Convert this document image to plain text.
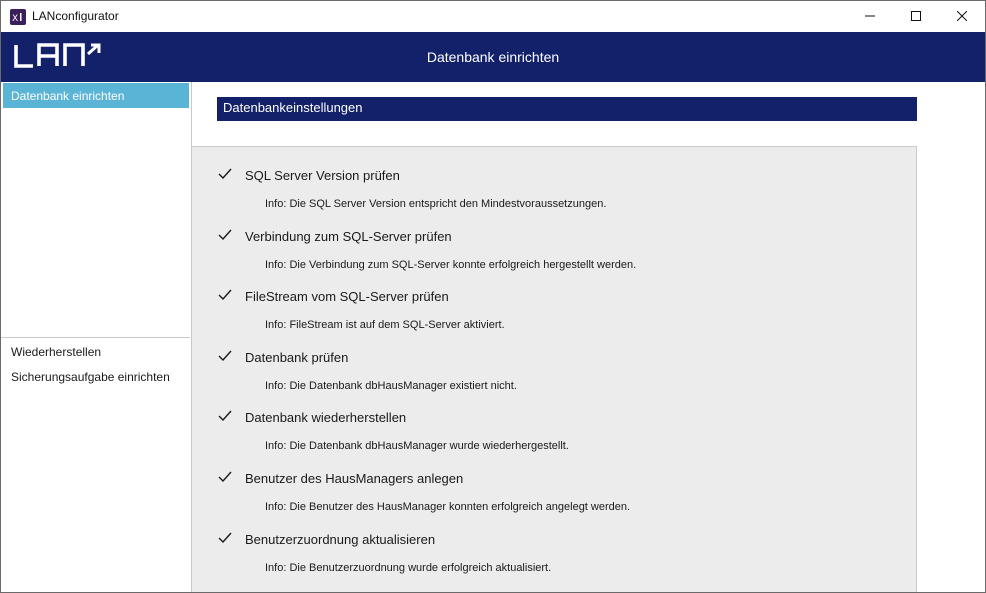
X LANconfigurator
Datenbank einrichten
Datenbank einrichten
Wiederherstellen
Sicherungsaufgabe einrichten
Datenbankeinstellungen
SQL Server Version prüfen
Info: Die SQL Server Version entspricht den Mindestvoraussetzungen.
Verbindung zum SQL-Server prüfen
Info: Die Verbindung zum SQL-Server konnte erfolgreich hergestellt werden.
FileStream vom SQL-Server prüfen
Info: FileStream ist auf dem SQL-Server aktiviert.
Datenbank prüfen
Info: Die Datenbank dbHausManager existiert nicht.
Datenbank wiederherstellen
Info: Die Datenbank dbHausManager wurde wiederhergestellt.
Benutzer des HausManagers anlegen
Info: Die Benutzer des HausManager konnten erfolgreich angelegt werden.
Benutzerzuordnung aktualisieren
Info: Die Benutzerzuordnung wurde erfolgreich aktualisiert.
